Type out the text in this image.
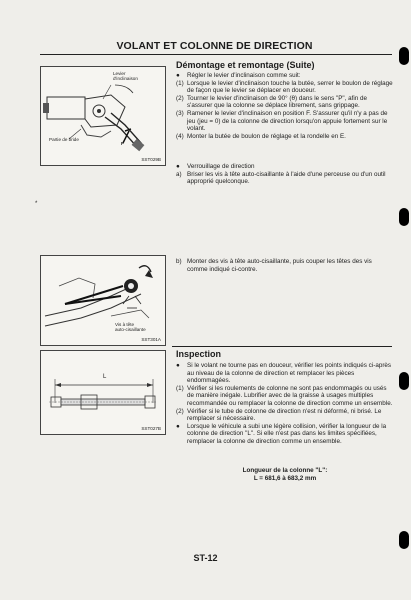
VOLANT ET COLONNE DE DIRECTION
Levier
d'inclinaison
Partie de bride
F
SST029B
Vis à tête
auto-cisaillante
SST301A
L
SST027B
Démontage et remontage (Suite)
●	Régler le levier d'inclinaison comme suit:
(1) Lorsque le levier d'inclinaison touche la butée, serrer le boulon de réglage de façon que le levier se déplacer en douceur.
(2) Tourner le levier d'inclinaison de 90° (θ) dans le sens "P", afin de s'assurer que la colonne se déplace librement, sans grippage.
(3) Ramener le levier d'inclinaison en position F. S'assurer qu'il n'y a pas de jeu (jeu = 0) de la colonne de direction lorsqu'on appuie fortement sur le volant.
(4) Monter la butée de boulon de réglage et la rondelle en E.
●	Verrouillage de direction
a) Briser les vis à tête auto-cisaillante à l'aide d'une perceuse ou d'un outil approprié quelconque.
b) Monter des vis à tête auto-cisaillante, puis couper les têtes des vis comme indiqué ci-contre.
Inspection
●	Si le volant ne tourne pas en douceur, vérifier les points indiqués ci-après au niveau de la colonne de direction et remplacer les pièces endommagées.
(1) Vérifier si les roulements de colonne ne sont pas endommagés ou usés de manière inégale. Lubrifier avec de la graisse à usages multiples recommandée ou remplacer la colonne de direction comme un ensemble.
(2) Vérifier si le tube de colonne de direction n'est ni déformé, ni brisé. Le remplacer si nécessaire.
●	Lorsque le véhicule a subi une légère collision, vérifier la longueur de la colonne de direction "L". Si elle n'est pas dans les limites spécifiées, remplacer la colonne de direction comme un ensemble.
Longueur de la colonne "L":
L = 681,6 à 683,2 mm
*
ST-12
